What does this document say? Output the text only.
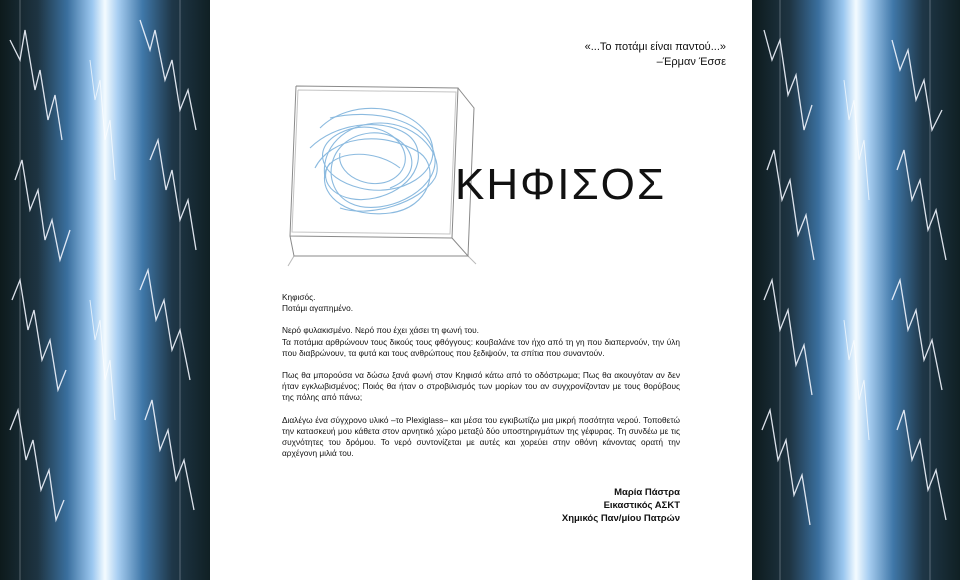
«...Το ποτάμι είναι παντού...»
–Έρμαν Έσσε
ΚΗΦΙΣΟΣ

Κηφισός.
Ποτάμι αγαπημένο.

Νερό φυλακισμένο. Νερό που έχει χάσει τη φωνή του.
Τα ποτάμια αρθρώνουν τους δικούς τους φθόγγους: κουβαλάνε τον ήχο από τη γη που διαπερνούν, την ύλη που διαβρώνουν, τα φυτά και τους ανθρώπους που ξεδιψούν, τα σπίτια που συναντούν.

Πως θα μπορούσα να δώσω ξανά φωνή στον Κηφισό κάτω από το οδόστρωμα; Πως θα ακουγόταν αν δεν ήταν εγκλωβισμένος; Ποιός θα ήταν ο στροβιλισμός των μορίων του αν συγχρονίζονταν με τους θορύβους της πόλης από πάνω;

Διαλέγω ένα σύγχρονο υλικό –το Plexiglass– και μέσα του εγκιβωτίζω μια μικρή ποσότητα νερού. Τοποθετώ την κατασκευή μου κάθετα στον αρνητικό χώρο μεταξύ δύο υποστηριγμάτων της γέφυρας. Τη συνδέω με τις συχνότητες του δρόμου. Το νερό συντονίζεται με αυτές και χορεύει στην οθόνη κάνοντας ορατή την αρχέγονη μιλιά του.

Μαρία Πάστρα
Εικαστικός ΑΣΚΤ
Χημικός Παν/μίου Πατρών
